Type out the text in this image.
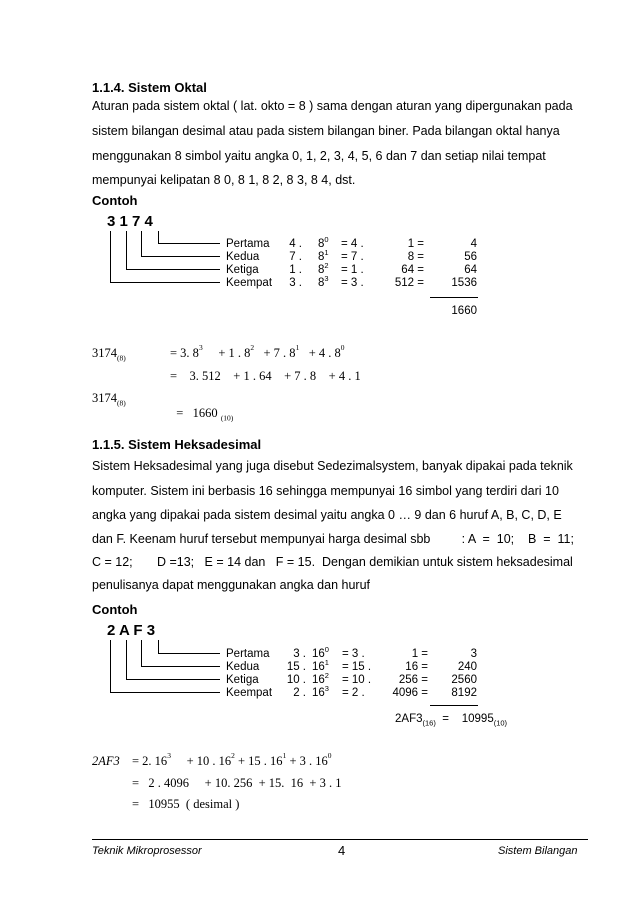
1.1.4. Sistem Oktal
Aturan pada sistem oktal ( lat. okto = 8 ) sama dengan aturan yang dipergunakan pada
sistem bilangan desimal atau pada sistem bilangan biner. Pada bilangan oktal hanya
menggunakan 8 simbol yaitu angka 0, 1, 2, 3, 4, 5, 6 dan 7 dan setiap nilai tempat
mempunyai kelipatan 8 0, 8 1, 8 2, 8 3, 8 4, dst.
Contoh
3 1 7 4
Pertama	4 . $8^0 = 4$ .	1 =	4
Kedua	7 . $8^1 = 7$ .	8 =	56
Ketiga	1 . $8^2 = 1$ .	64 =	64
Keempat	3 . $8^3 = 3$ .	512 =	1536
1660
$3174_{(8)}$	= 3. $8^3 + 1$ . $8^2 + 7$ . $8^1 + 4$ . $8^0$
=    3. 512    + 1 . 64    + 7 . 8    + 4 . 1
$3174_{(8)}$

=   1660 $_{(10)}$

1.1.5. Sistem Heksadesimal
Sistem Heksadesimal yang juga disebut Sedezimalsystem, banyak dipakai pada teknik
komputer. Sistem ini berbasis 16 sehingga mempunyai 16 simbol yang terdiri dari 10
angka yang dipakai pada sistem desimal yaitu angka 0 … 9 dan 6 huruf A, B, C, D, E
dan F. Keenam huruf tersebut mempunyai harga desimal sbb         : A  =  10;    B  =  11;
C = 12;       D =13;   E = 14 dan   F = 15.  Dengan demikian untuk sistem heksadesimal
penulisanya dapat menggunakan angka dan huruf
Contoh
2 A F 3
Pertama	3 . $16^0 = 3$ .	1 =	3
Kedua	15 . $16^1 = 15$ .	16 =	240
Ketiga	10 . $16^2 = 10$ .	256 =	2560
Keempat	2 . $16^3 = 2$ .	4096 =	8192
$2AF3_{(16)} = 10995_{(10)}$
2AF3 = 2. $16^3 + 10$ . $16^2 + 15$ . $16^1 + 3$ . $16^0$
=   2 . 4096     + 10. 256  + 15.  16  + 3 . 1
=   10955  ( desimal )
Teknik Mikroprosessor	4	Sistem Bilangan
